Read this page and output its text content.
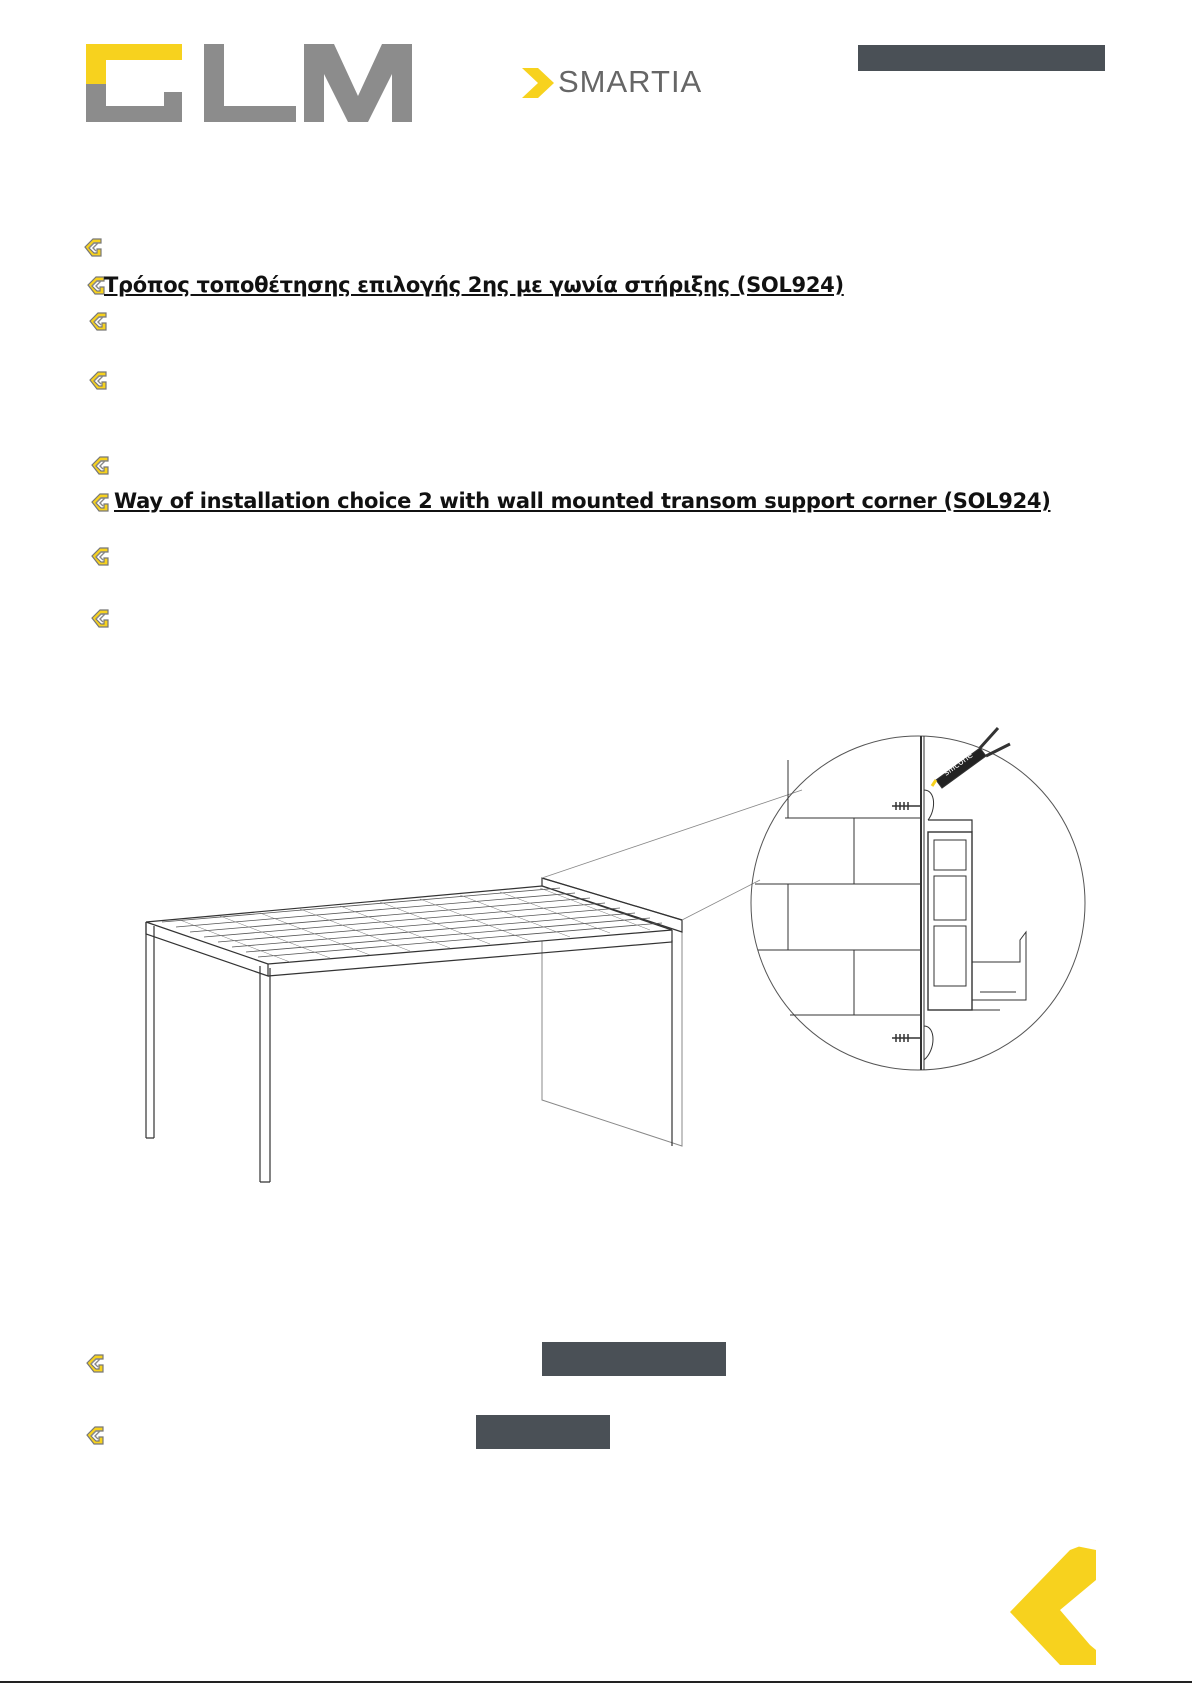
SMARTIA
Τρόπος τοποθέτησης επιλογής 2ης με γωνία στήριξης (SOL924)
Way of installation choice 2 with wall mounted transom support corner (SOL924)
silicone
